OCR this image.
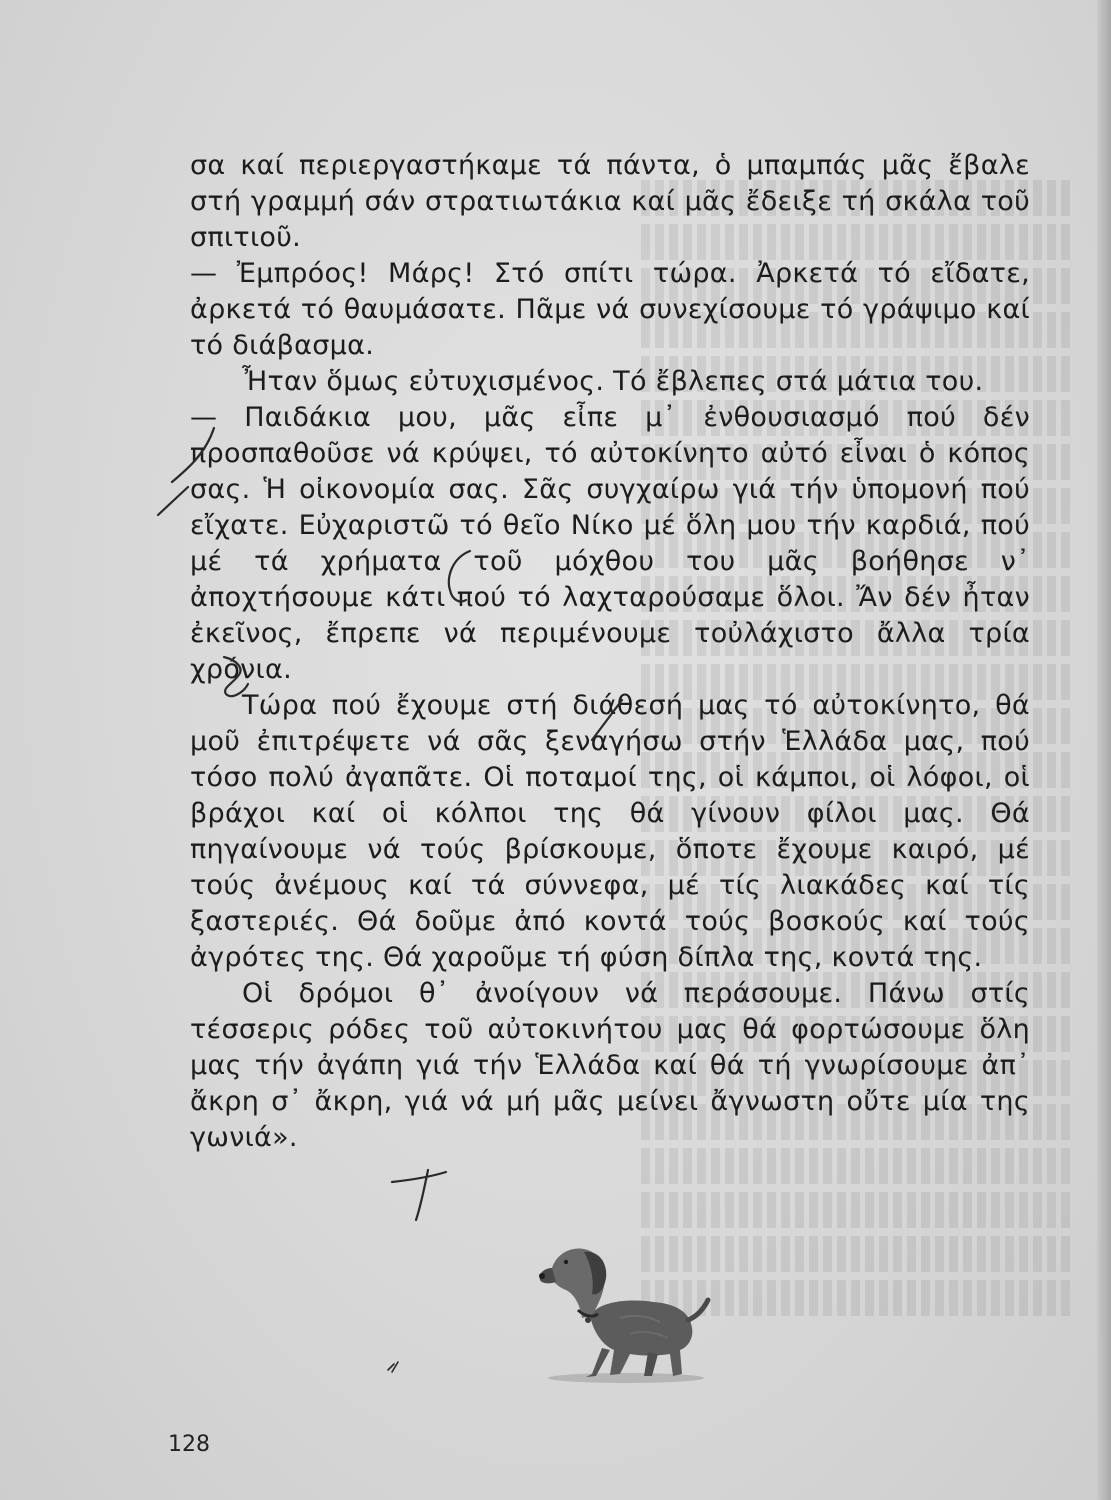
σα καί περιεργαστήκαμε τά πάντα, ὁ μπαμπάς μᾶς ἔβαλε στή γραμμή σάν στρατιωτάκια καί μᾶς ἔδειξε τή σκάλα τοῦ σπιτιοῦ.

— Ἐμπρόος! Μάρς! Στό σπίτι τώρα. Ἀρκετά τό εἴδατε, ἀρκετά τό θαυμάσατε. Πᾶμε νά συνεχίσουμε τό γράψιμο καί τό διάβασμα.

Ἦταν ὅμως εὐτυχισμένος. Τό ἔβλεπες στά μάτια του.

— Παιδάκια μου, μᾶς εἶπε μ᾿ ἐνθουσιασμό πού δέν προσπαθοῦσε νά κρύψει, τό αὐτοκίνητο αὐτό εἶναι ὁ κόπος σας. Ἡ οἰκονομία σας. Σᾶς συγχαίρω γιά τήν ὑπομονή πού εἴχατε. Εὐχαριστῶ τό θεῖο Νίκο μέ ὅλη μου τήν καρδιά, πού μέ τά χρήματα τοῦ μόχθου του μᾶς βοήθησε ν᾿ ἀποχτήσουμε κάτι πού τό λαχταρούσαμε ὅλοι. Ἄν δέν ἦταν ἐκεῖνος, ἔπρεπε νά περιμένουμε τοὐλάχιστο ἄλλα τρία χρόνια.

Τώρα πού ἔχουμε στή διάθεσή μας τό αὐτοκίνητο, θά μοῦ ἐπιτρέψετε νά σᾶς ξεναγήσω στήν Ἑλλάδα μας, πού τόσο πολύ ἀγαπᾶτε. Οἱ ποταμοί της, οἱ κάμποι, οἱ λόφοι, οἱ βράχοι καί οἱ κόλποι της θά γίνουν φίλοι μας. Θά πηγαίνουμε νά τούς βρίσκουμε, ὅποτε ἔχουμε καιρό, μέ τούς ἀνέμους καί τά σύννεφα, μέ τίς λιακάδες καί τίς ξαστεριές. Θά δοῦμε ἀπό κοντά τούς βοσκούς καί τούς ἀγρότες της. Θά χαροῦμε τή φύση δίπλα της, κοντά της.

Οἱ δρόμοι θ᾿ ἀνοίγουν νά περάσουμε. Πάνω στίς τέσσερις ρόδες τοῦ αὐτοκινήτου μας θά φορτώσουμε ὅλη μας τήν ἀγάπη γιά τήν Ἑλλάδα καί θά τή γνωρίσουμε ἀπ᾿ ἄκρη σ᾿ ἄκρη, γιά νά μή μᾶς μείνει ἄγνωστη οὔτε μία της γωνιά».

128
